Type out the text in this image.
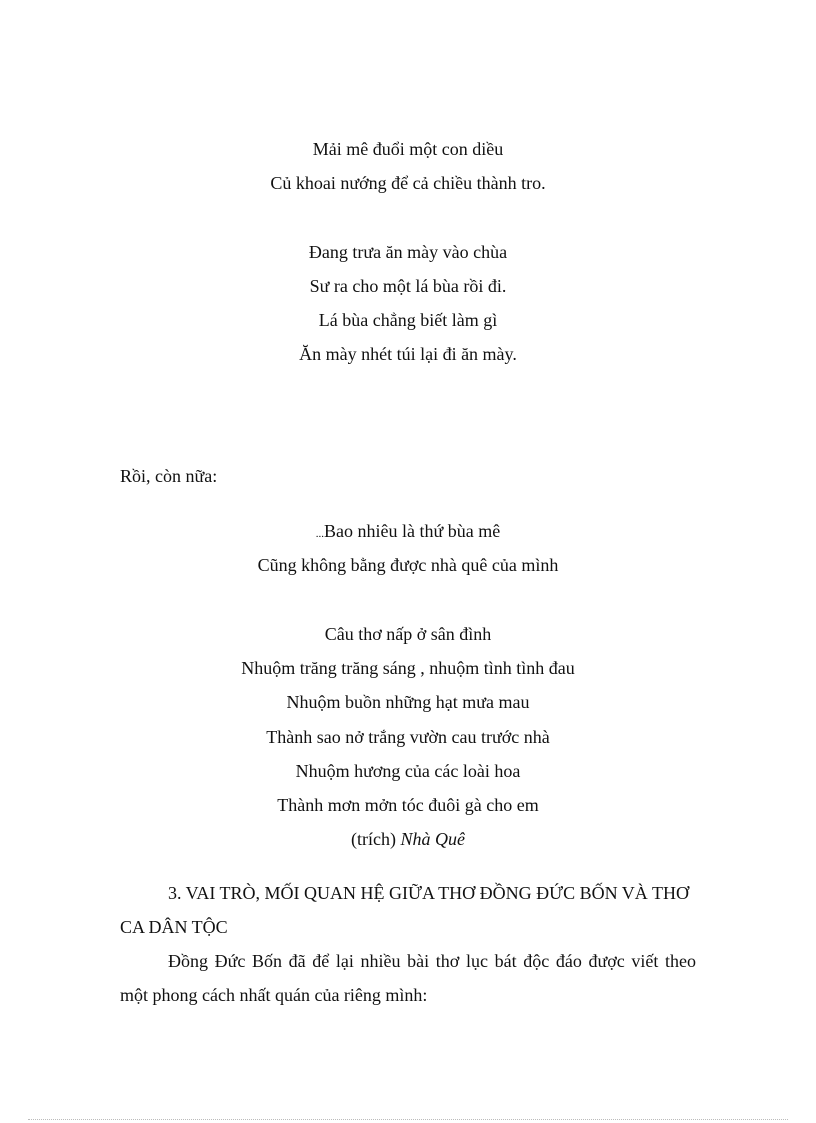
Mải mê đuổi một con diều
Củ khoai nướng để cả chiều thành tro.
Đang trưa ăn mày vào chùa
Sư ra cho một lá bùa rồi đi.
Lá bùa chẳng biết làm gì
Ăn mày nhét túi lại đi ăn mày.
Rồi, còn nữa:
...Bao nhiêu là thứ bùa mê
Cũng không bằng được nhà quê của mình
Câu thơ nấp ở sân đình
Nhuộm trăng trăng sáng , nhuộm tình tình đau
Nhuộm buồn những hạt mưa mau
Thành sao nở trắng vườn cau trước nhà
Nhuộm hương của các loài hoa
Thành mơn mởn tóc đuôi gà cho em
(trích) Nhà Quê
3. VAI TRÒ, MỐI QUAN HỆ GIỮA THƠ ĐỒNG ĐỨC BỐN VÀ THƠ CA DÂN TỘC
Đồng Đức Bốn đã để lại nhiều bài thơ lục bát độc đáo được viết theo một phong cách nhất quán của riêng mình:
